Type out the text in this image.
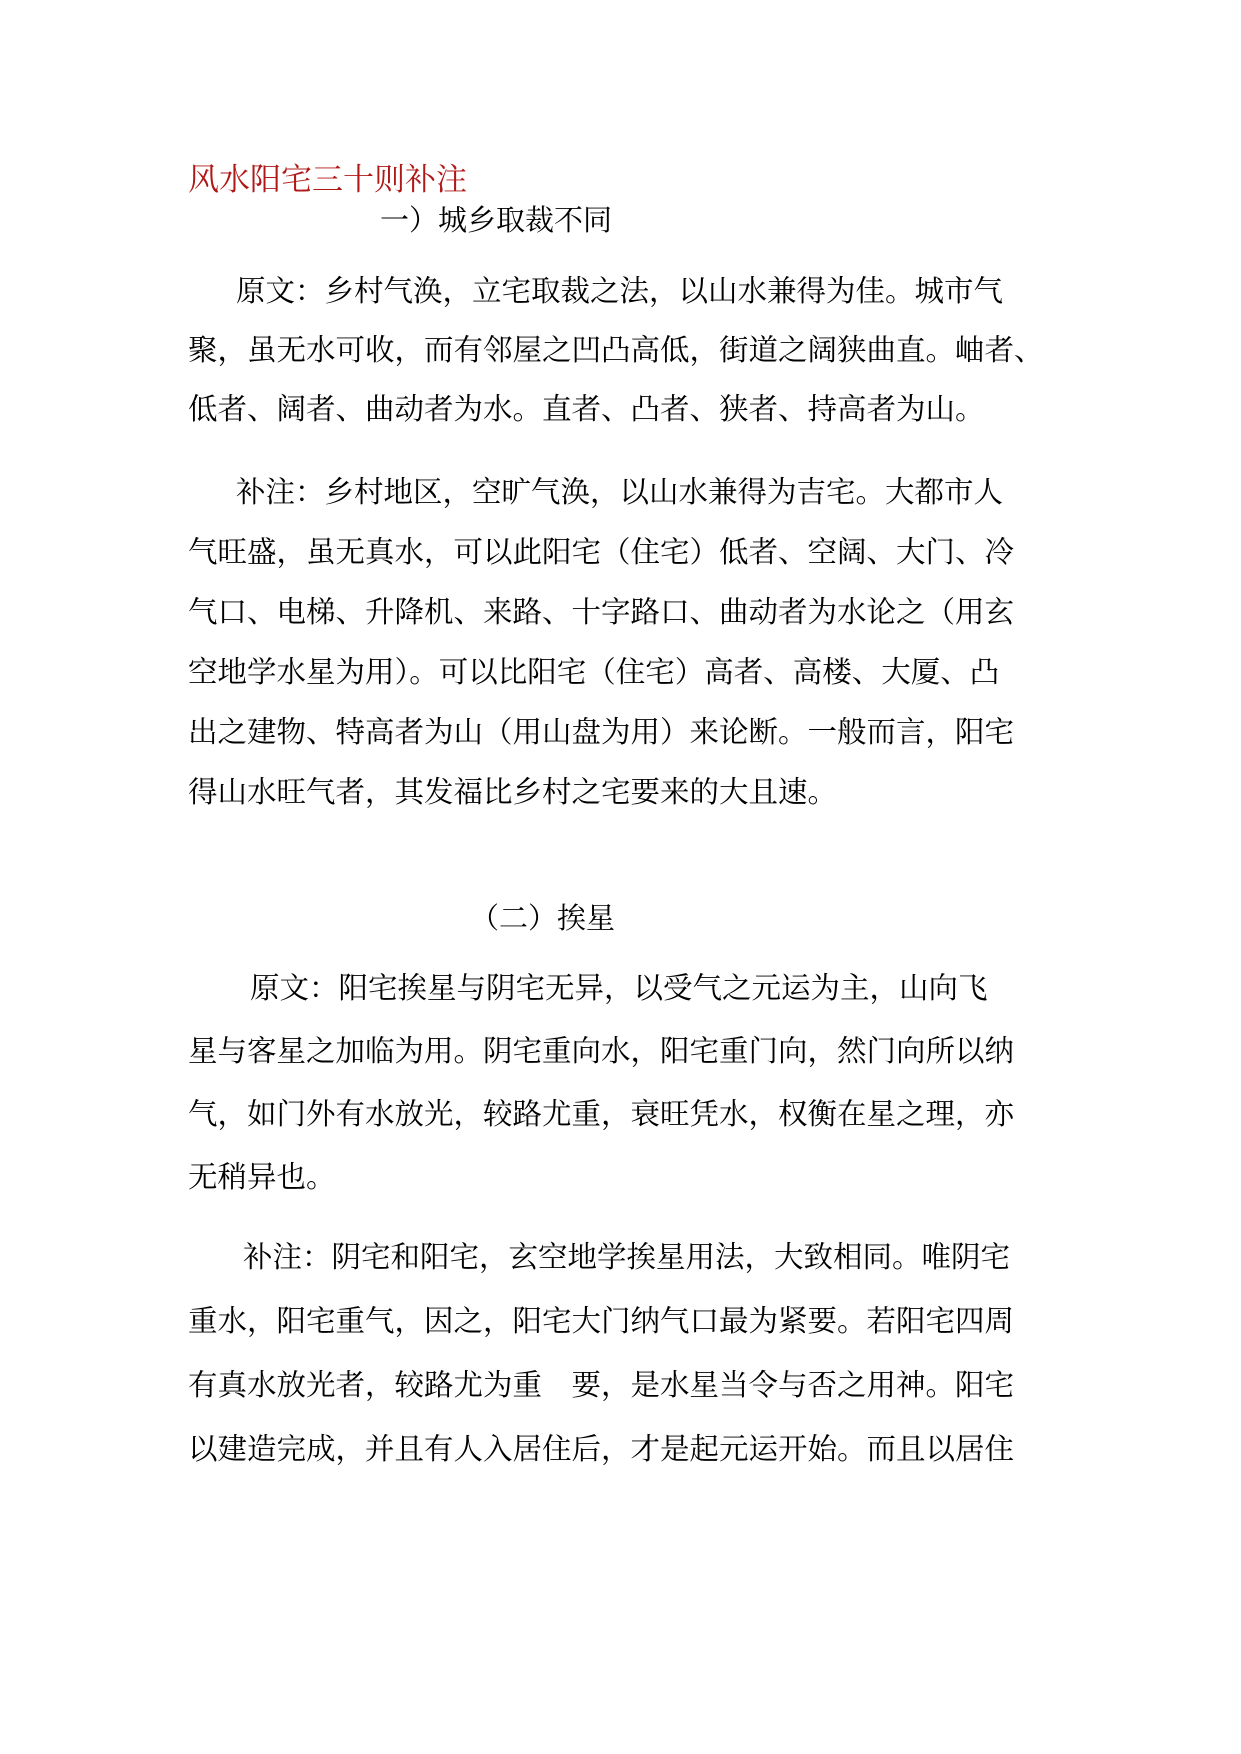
风水阳宅三十则补注
一）城乡取裁不同
原文：乡村气涣，立宅取裁之法，以山水兼得为佳。城市气
聚，虽无水可收，而有邻屋之凹凸高低，街道之阔狭曲直。岫者、
低者、阔者、曲动者为水。直者、凸者、狭者、持高者为山。
补注：乡村地区，空旷气涣，以山水兼得为吉宅。大都市人
气旺盛，虽无真水，可以此阳宅（住宅）低者、空阔、大门、冷
气口、电梯、升降机、来路、十字路口、曲动者为水论之（用玄
空地学水星为用）。可以比阳宅（住宅）高者、高楼、大厦、凸
出之建物、特高者为山（用山盘为用）来论断。一般而言，阳宅
得山水旺气者，其发福比乡村之宅要来的大且速。
（二）挨星
原文：阳宅挨星与阴宅无异，以受气之元运为主，山向飞
星与客星之加临为用。阴宅重向水，阳宅重门向，然门向所以纳
气，如门外有水放光，较路尤重，衰旺凭水，权衡在星之理，亦
无稍异也。
补注：阴宅和阳宅，玄空地学挨星用法，大致相同。唯阴宅
重水，阳宅重气，因之，阳宅大门纳气口最为紧要。若阳宅四周
有真水放光者，较路尤为重　要，是水星当令与否之用神。阳宅
以建造完成，并且有人入居住后，才是起元运开始。而且以居住
